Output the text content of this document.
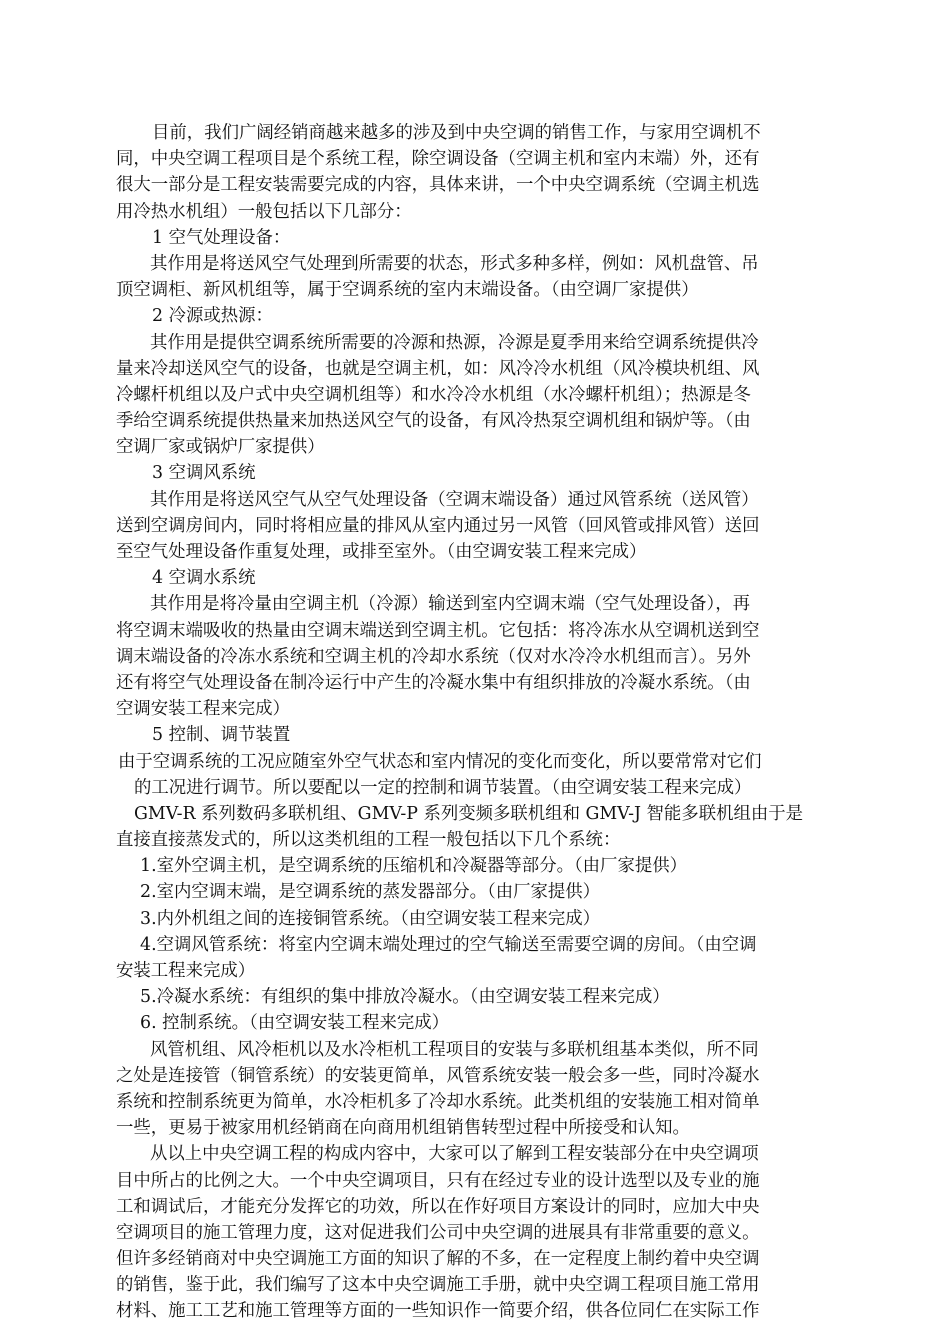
目前，我们广阔经销商越来越多的涉及到中央空调的销售工作，与家用空调机不
同，中央空调工程项目是个系统工程，除空调设备（空调主机和室内末端）外，还有
很大一部分是工程安装需要完成的内容，具体来讲，一个中央空调系统（空调主机选
用冷热水机组）一般包括以下几部分：
1 空气处理设备：
其作用是将送风空气处理到所需要的状态，形式多种多样，例如：风机盘管、吊
顶空调柜、新风机组等，属于空调系统的室内末端设备。（由空调厂家提供）
2 冷源或热源：
其作用是提供空调系统所需要的冷源和热源，冷源是夏季用来给空调系统提供冷
量来冷却送风空气的设备，也就是空调主机，如：风冷冷水机组（风冷模块机组、风
冷螺杆机组以及户式中央空调机组等）和水冷冷水机组（水冷螺杆机组）；热源是冬
季给空调系统提供热量来加热送风空气的设备，有风冷热泵空调机组和锅炉等。（由
空调厂家或锅炉厂家提供）
3 空调风系统
其作用是将送风空气从空气处理设备（空调末端设备）通过风管系统（送风管）
送到空调房间内，同时将相应量的排风从室内通过另一风管（回风管或排风管）送回
至空气处理设备作重复处理，或排至室外。（由空调安装工程来完成）
4 空调水系统
其作用是将冷量由空调主机（冷源）输送到室内空调末端（空气处理设备），再
将空调末端吸收的热量由空调末端送到空调主机。它包括：将冷冻水从空调机送到空
调末端设备的冷冻水系统和空调主机的冷却水系统（仅对水冷冷水机组而言）。另外
还有将空气处理设备在制冷运行中产生的冷凝水集中有组织排放的冷凝水系统。（由
空调安装工程来完成）
5 控制、调节装置
由于空调系统的工况应随室外空气状态和室内情况的变化而变化，所以要常常对它们
的工况进行调节。所以要配以一定的控制和调节装置。（由空调安装工程来完成）
GMV-R 系列数码多联机组、GMV-P 系列变频多联机组和 GMV-J 智能多联机组由于是
直接直接蒸发式的，所以这类机组的工程一般包括以下几个系统：
1.室外空调主机，是空调系统的压缩机和冷凝器等部分。（由厂家提供）
2.室内空调末端，是空调系统的蒸发器部分。（由厂家提供）
3.内外机组之间的连接铜管系统。（由空调安装工程来完成）
4.空调风管系统：将室内空调末端处理过的空气输送至需要空调的房间。（由空调
安装工程来完成）
5.冷凝水系统：有组织的集中排放冷凝水。（由空调安装工程来完成）
6. 控制系统。（由空调安装工程来完成）
风管机组、风冷柜机以及水冷柜机工程项目的安装与多联机组基本类似，所不同
之处是连接管（铜管系统）的安装更简单，风管系统安装一般会多一些，同时冷凝水
系统和控制系统更为简单，水冷柜机多了冷却水系统。此类机组的安装施工相对简单
一些，更易于被家用机经销商在向商用机组销售转型过程中所接受和认知。
从以上中央空调工程的构成内容中，大家可以了解到工程安装部分在中央空调项
目中所占的比例之大。一个中央空调项目，只有在经过专业的设计选型以及专业的施
工和调试后，才能充分发挥它的功效，所以在作好项目方案设计的同时，应加大中央
空调项目的施工管理力度，这对促进我们公司中央空调的进展具有非常重要的意义。
但许多经销商对中央空调施工方面的知识了解的不多，在一定程度上制约着中央空调
的销售，鉴于此，我们编写了这本中央空调施工手册，就中央空调工程项目施工常用
材料、施工工艺和施工管理等方面的一些知识作一简要介绍，供各位同仁在实际工作
